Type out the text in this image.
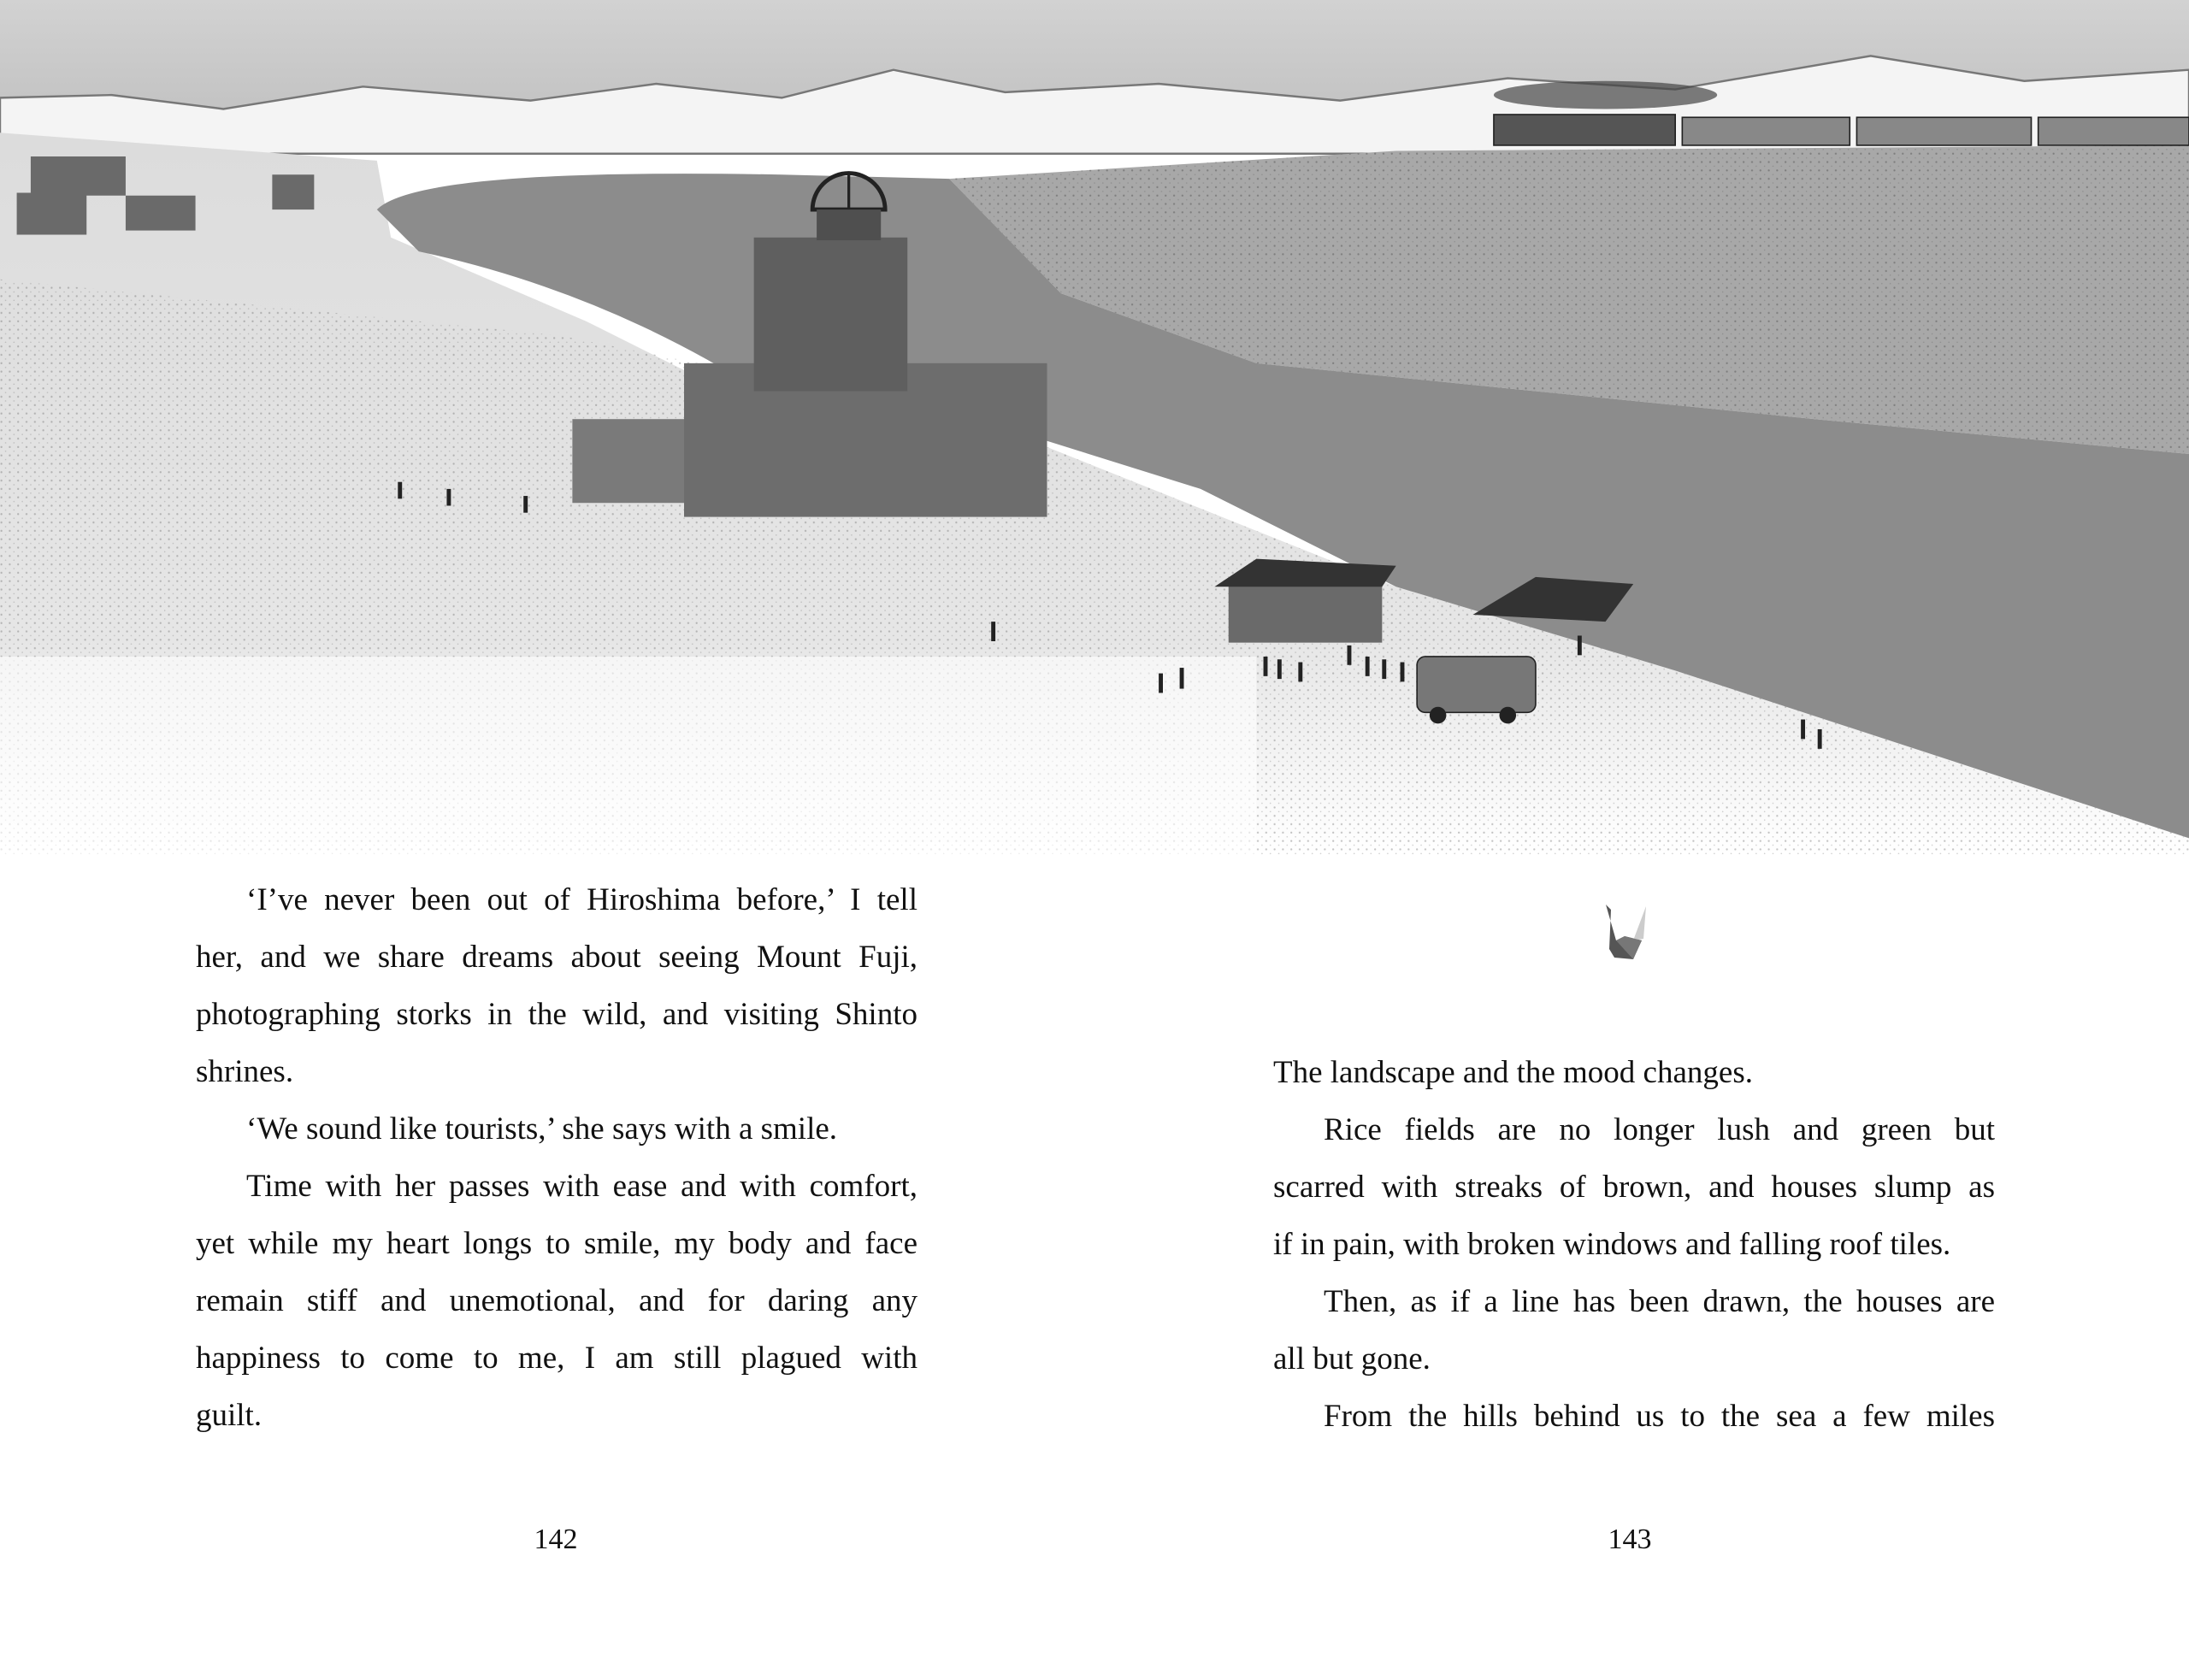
‘I’ve never been out of Hiroshima before,’ I tell
her, and we share dreams about seeing Mount Fuji,
photographing storks in the wild, and visiting Shinto
shrines.
‘We sound like tourists,’ she says with a smile.
Time with her passes with ease and with comfort,
yet while my heart longs to smile, my body and face
remain stiff and unemotional, and for daring any
happiness to come to me, I am still plagued with
guilt.
The landscape and the mood changes.
Rice fields are no longer lush and green but
scarred with streaks of brown, and houses slump as
if in pain, with broken windows and falling roof tiles.
Then, as if a line has been drawn, the houses are
all but gone.
From the hills behind us to the sea a few miles
142	143
